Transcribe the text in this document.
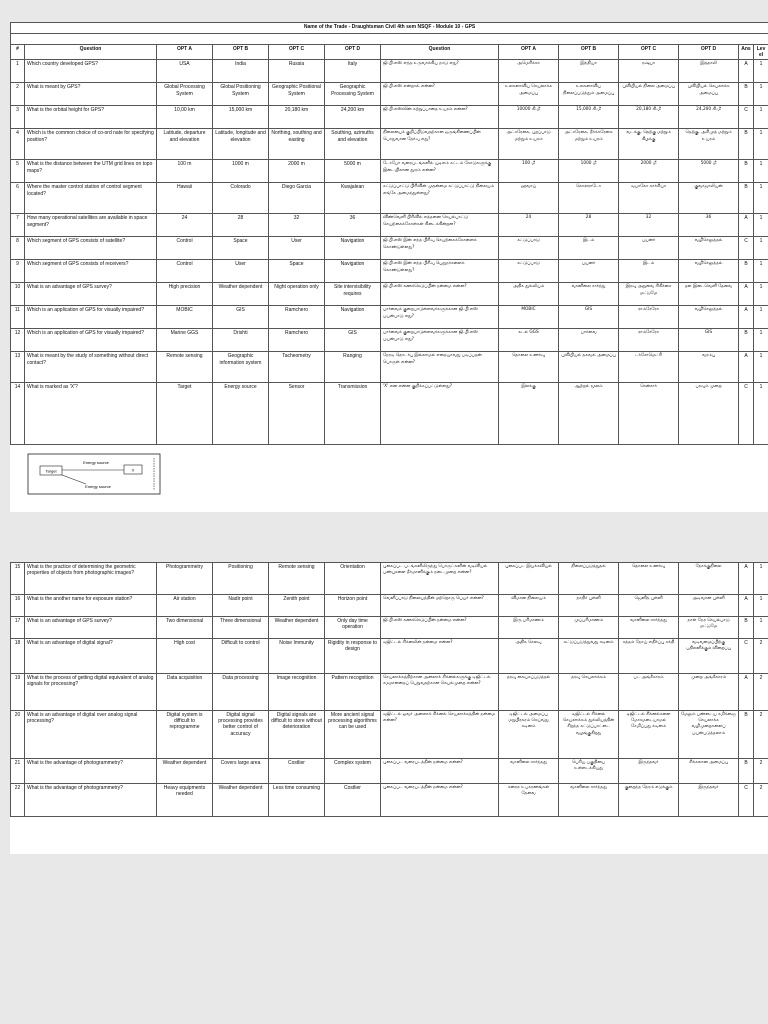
Name of the Trade - Draughtsman Civil 4th sem NSQF - Module 10 - GPS												

#	Question	OPT A	OPT B	OPT C	OPT D	Question	OPT A	OPT B	OPT C	OPT D	Ans	Level
1	Which country developed GPS?	USA	India	Russia	Italy	ஜி.பி.எஸ் எந்த உருவாக்கிய நாடு எது?	அமெரிக்கா	இந்தியா	ரஷ்யா	இத்தாலி	A	1
2	What is meant by GPS?	Global Processing System	Global Positioning System	Geographic Positional System	Geographic Processing System	ஜி.பி.எஸ் என்றால் என்ன?	உலகளாவிய செயலாக்க அமைப்பு	உலகளாவிய நிலைப்படுத்தும் அமைப்பு	புவியியல் நிலை அமைப்பு	புவியியல் செயலாக்க அமைப்பு	B	1
3	What is the orbital height for GPS?	10,00 km	15,000 km	20,180 km	24,200 km	ஜி.பி.எஸ்ஸின் சுற்றுப்பாதை உயரம் என்ன?	10000 கி.மீ	15,000 கி.மீ	20,180 கி.மீ	24,200 கி.மீ	C	1
4	Which is the common choice of co-ord nate for specifying position?	Latitude, departure and elevation	Latitude, longitude and elevation	Northing, southing and easting	Southing, azimuths and elevation	நிலையைக் குறிப்பிடுவதற்கான ஒருங்கிணைப்பின் பொதுவான தேர்வு எது?	அட்சரேகை, புறப்பாடு மற்றும் உயரம்	அட்சரேகை, தீர்க்கரேகை மற்றும் உயரம்	வடக்கு, தெற்கு மற்றும் கிழக்கு	தெற்கு, அசிமுத் மற்றும் உயரம்	B	1
5	What is the distance between the UTM grid lines on topo maps?	100 m	1000 m	2000 m	5000 m	டோபோ வரைபடங்களில் யுடிஎம் கட்டம் கோடுகளுக்கு இடையிலான தூரம் என்ன?	100 மீ	1000 மீ	2000 மீ	5000 மீ	B	1
6	Where the master control station of control segment located?	Hawaii	Colorado	Diego Garcia	Kwajalean	கட்டுப்பாட்டு பிரிவின் முதன்மை கட்டுப்பாட்டு நிலையம் எங்கே அமைந்துள்ளது?	ஹவாய்	கொலராடோ	டியாகோ கார்சியா	குவாஜாலியன்	B	1
7	How many operational satellites are available in space segment?	24	28	32	36	விண்வெளி பிரிவில் எத்தனை செயல்பாட்டு செயற்கைக்கோள்கள் கிடைக்கின்றன?	24	28	32	36	A	1
8	Which segment of GPS consists of satellite?	Control	Space	User	Navigation	ஜி.பி.எஸ் இன் எந்த பிரிவு செயற்கைக்கோளைக் கொண்டுள்ளது?	கட்டுப்பாடு	இடம்	பயனர்	வழிசெலுத்தல்	C	1
9	Which segment of GPS consists of receivers?	Control	User	Space	Navigation	ஜி.பி.எஸ் இன் எந்த பிரிவு பெறுநர்களைக் கொண்டுள்ளது?	கட்டுப்பாடு	பயனர்	இடம்	வழிசெலுத்தல்	B	1
10	What is an advantage of GPS survey?	High precision	Weather dependent	Night operation only	Site intervisibility requires	ஜி.பி.எஸ் கணக்கெடுப்பின் நன்மை என்ன?	அதிக துல்லியம்	வானிலை சார்ந்து	இரவு அறுவை சிகிச்சை மட்டுமே	தள இடைவெளி தேவை	A	1
11	Which is an application of GPS for visually impaired?	MOBIC	GIS	Ramchero	Navigation	பார்வைக் குறைபாடுள்ளவர்களுக்கான ஜி.பி.எஸ் பயன்பாடு எது?	MOBIC	GIS	ராம்சேரோ	வழிசெலுத்தல்	A	1
12	Which is an application of GPS for visually impaired?	Marine GGS	Drishti	Ramchero	GIS	பார்வைக் குறைபாடுள்ளவர்களுக்கான ஜி.பி.எஸ் பயன்பாடு எது?	கடல் GGS	பார்வை	ராம்சேரோ	GIS	B	1
13	What is meant by the study of something without direct contact?	Remote sensing	Geographic information system	Tacheometry	Ranging	நேரடி தொடர்பு இல்லாமல் எதையாவது படிப்பதன் பொருள் என்ன?	தொலை உணர்வு	புவியியல் தகவல் அமைப்பு	டச்சோமெட்ரி	வரம்பு	A	1
14	What is marked as 'X'?	Target	Energy source	Sensor	Transmission	'X' என என்ன குறிக்கப்பட்டுள்ளது?	இலக்கு	ஆற்றல் மூலம்	சென்சார்	பரவும் முறை	C	1
Target
Energy source
X
Energy source
15	What is the practice of determining the geometric properties of objects from photographic images?	Photogrammetry	Positioning	Remote sensing	Orientation	புகைப்பட படங்களிலிருந்து பொருட்களின் வடிவியல் பண்புகளை தீர்மானிக்கும் நடைமுறை என்ன?	புகைப்பட இயக்கவியல்	நிலைப்படுத்துதல்	தொலை உணர்வு	நோக்குநிலை	A	1
16	What is the another name for exposure station?	Air station	Nadir point	Zenith point	Horizon point	வெளிப்பாடு நிலையத்தின் மற்றொரு பெயர் என்ன?	விமான நிலையம்	நாதிர் புள்ளி	ஜெனித் புள்ளி	அடிவான புள்ளி	A	1
17	What is an advantage of GPS survey?	Two dimensional	Three dimensional	Weather dependent	Only day time operation	ஜி.பி.எஸ் கணக்கெடுப்பின் நன்மை என்ன?	இரு பரிமாணம்	முப்பரிமாணம்	வானிலை சார்ந்தது	நாள் நேர செயல்பாடு மட்டுமே	B	1
18	What is an advantage of digital signal?	High cost	Difficult to control	Noise Immunity	Rigidity in response to design	டிஜிட்டல் சிக்னலின் நன்மை என்ன?	அதிக செலவு	கட்டுப்படுத்துவது கடினம்	சத்தம் நோய் எதிர்ப்பு சக்தி	வடிவமைப்பிற்கு பதிலளிக்கும் விறைப்பு	C	2
19	What is the process of getting digital equivalent of analog signals for processing?	Data acquisition	Data processing	Image recognition	Pattern recognition	செயலாக்கத்திற்கான அனலாக் சிக்னல்களுக்கு டிஜிட்டல் சமமானதைப் பெறுவதற்கான செயல்முறை என்ன?	தரவு கையகப்படுத்தல்	தரவு செயலாக்கம்	பட அங்கீகாரம்	முறை அங்கீகாரம்	A	2
20	What is an advantage of digital over analog signal processing?	Digital system is difficult to reprogramme	Digital signal processing provides better control of accuracy	Digital signals are difficult to store without deterioration	More ancient signal processing algorithms can be used	டிஜிட்டல் ஓவர் அனலாக் சிக்னல் செயலாக்கத்தின் நன்மை என்ன?	டிஜிட்டல் அமைப்பு மறுபிரசுரம் செய்வது கடினம்	டிஜிட்டல் சிக்னல் செயலாக்கம் துல்லியத்தின் சிறந்த கட்டுப்பாட்டை வழங்குகிறது	டிஜிட்டல் சிக்னல்களை மோசமடையாமல் சேமிப்பது கடினம்	மேலும் பண்டைய சமிக்ஞை செயலாக்க வழிமுறைகளைப் பயன்படுத்தலாம்	B	2
21	What is the advantage of photogrammetry?	Weather dependent	Covers large area	Costlier	Complex system	புகைப்பட வரைபடத்தின் நன்மை என்ன?	வானிலை சார்ந்தது	பெரிய பகுதியை உள்ளடக்கியது	இருந்தவர்	சிக்கலான அமைப்பு	B	2
22	What is the advantage of photogrammetry?	Heavy equipments needed	Weather dependent	Less time consuming	Costlier	புகைப்பட வரைபடத்தின் நன்மை என்ன?	கனரக உபகரணங்கள் தேவை	வானிலை சார்ந்தது	குறைந்த நேரம் எடுக்கும்	இருந்தவர்	C	2
